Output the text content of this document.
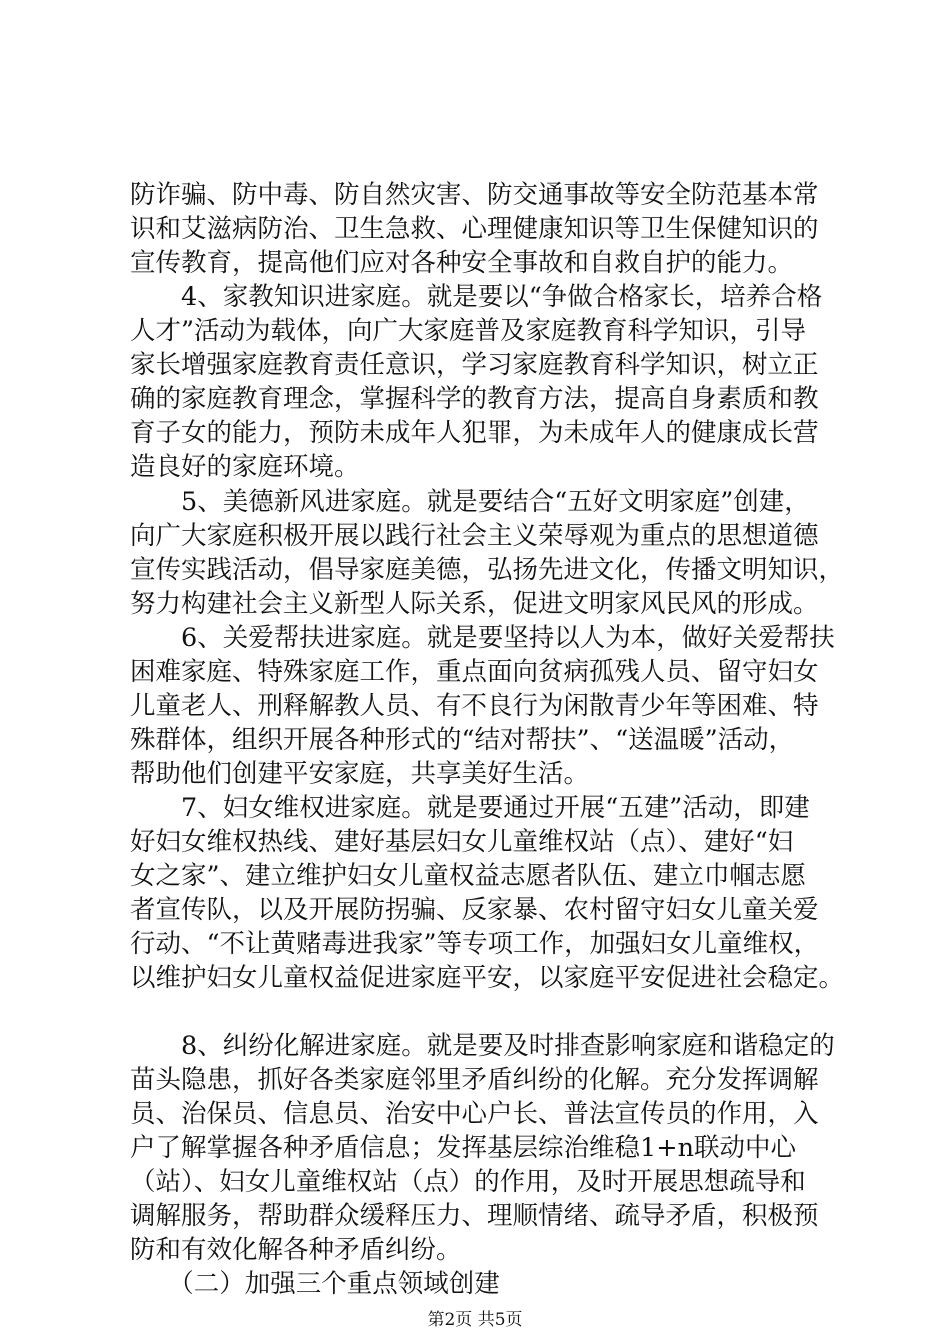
防诈骗、防中毒、防自然灾害、防交通事故等安全防范基本常
识和艾滋病防治、卫生急救、心理健康知识等卫生保健知识的
宣传教育，提高他们应对各种安全事故和自救自护的能力。
　　4、家教知识进家庭。就是要以“争做合格家长，培养合格
人才”活动为载体，向广大家庭普及家庭教育科学知识，引导
家长增强家庭教育责任意识，学习家庭教育科学知识，树立正
确的家庭教育理念，掌握科学的教育方法，提高自身素质和教
育子女的能力，预防未成年人犯罪，为未成年人的健康成长营
造良好的家庭环境。
　　5、美德新风进家庭。就是要结合“五好文明家庭”创建，
向广大家庭积极开展以践行社会主义荣辱观为重点的思想道德
宣传实践活动，倡导家庭美德，弘扬先进文化，传播文明知识，
努力构建社会主义新型人际关系，促进文明家风民风的形成。
　　6、关爱帮扶进家庭。就是要坚持以人为本，做好关爱帮扶
困难家庭、特殊家庭工作，重点面向贫病孤残人员、留守妇女
儿童老人、刑释解教人员、有不良行为闲散青少年等困难、特
殊群体，组织开展各种形式的“结对帮扶”、“送温暖”活动，
帮助他们创建平安家庭，共享美好生活。
　　7、妇女维权进家庭。就是要通过开展“五建”活动，即建
好妇女维权热线、建好基层妇女儿童维权站（点）、建好“妇
女之家”、建立维护妇女儿童权益志愿者队伍、建立巾帼志愿
者宣传队，以及开展防拐骗、反家暴、农村留守妇女儿童关爱
行动、“不让黄赌毒进我家”等专项工作，加强妇女儿童维权，
以维护妇女儿童权益促进家庭平安，以家庭平安促进社会稳定。
　　8、纠纷化解进家庭。就是要及时排查影响家庭和谐稳定的
苗头隐患，抓好各类家庭邻里矛盾纠纷的化解。充分发挥调解
员、治保员、信息员、治安中心户长、普法宣传员的作用，入
户了解掌握各种矛盾信息；发挥基层综治维稳1+n联动中心
（站）、妇女儿童维权站（点）的作用，及时开展思想疏导和
调解服务，帮助群众缓释压力、理顺情绪、疏导矛盾，积极预
防和有效化解各种矛盾纠纷。
　　（二）加强三个重点领域创建
第2页 共5页
